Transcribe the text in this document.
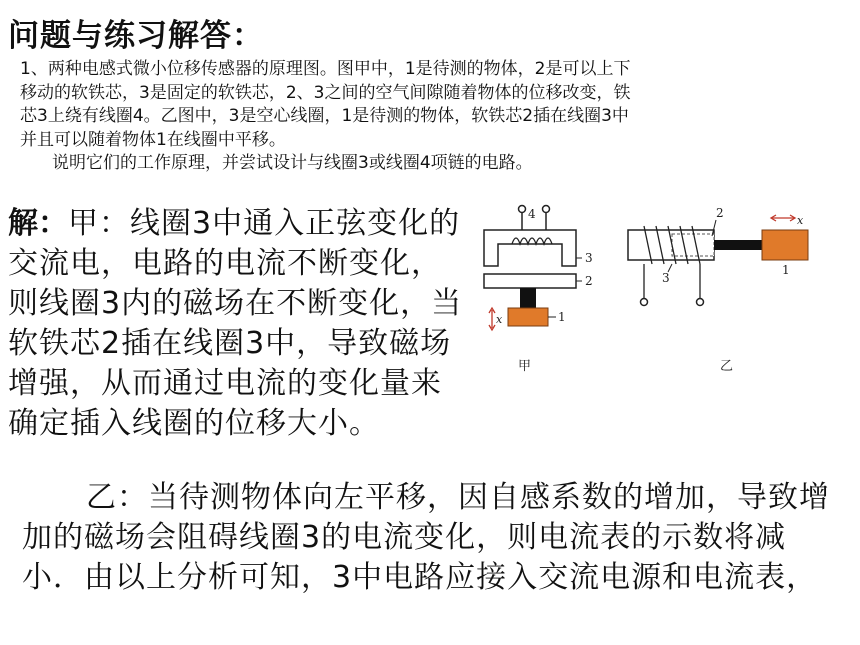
问题与练习解答：

1、两种电感式微小位移传感器的原理图。图甲中，1是待测的物体，2是可以上下

移动的软铁芯，3是固定的软铁芯，2、3之间的空气间隙随着物体的位移改变，铁

芯3上绕有线圈4。乙图中，3是空心线圈，1是待测的物体，软铁芯2插在线圈3中

并且可以随着物体1在线圈中平移。

说明它们的工作原理，并尝试设计与线圈3或线圈4项链的电路。

解：甲：线圈3中通入正弦变化的交流电，电路的电流不断变化，则线圈3内的磁场在不断变化，当软铁芯2插在线圈3中，导致磁场增强，从而通过电流的变化量来确定插入线圈的位移大小。

乙：当待测物体向左平移，因自感系数的增加，导致增加的磁场会阻碍线圈3的电流变化，则电流表的示数将减小．由以上分析可知，3中电路应接入交流电源和电流表，

4
3
2
1
x
甲
3
2
1
x
乙
